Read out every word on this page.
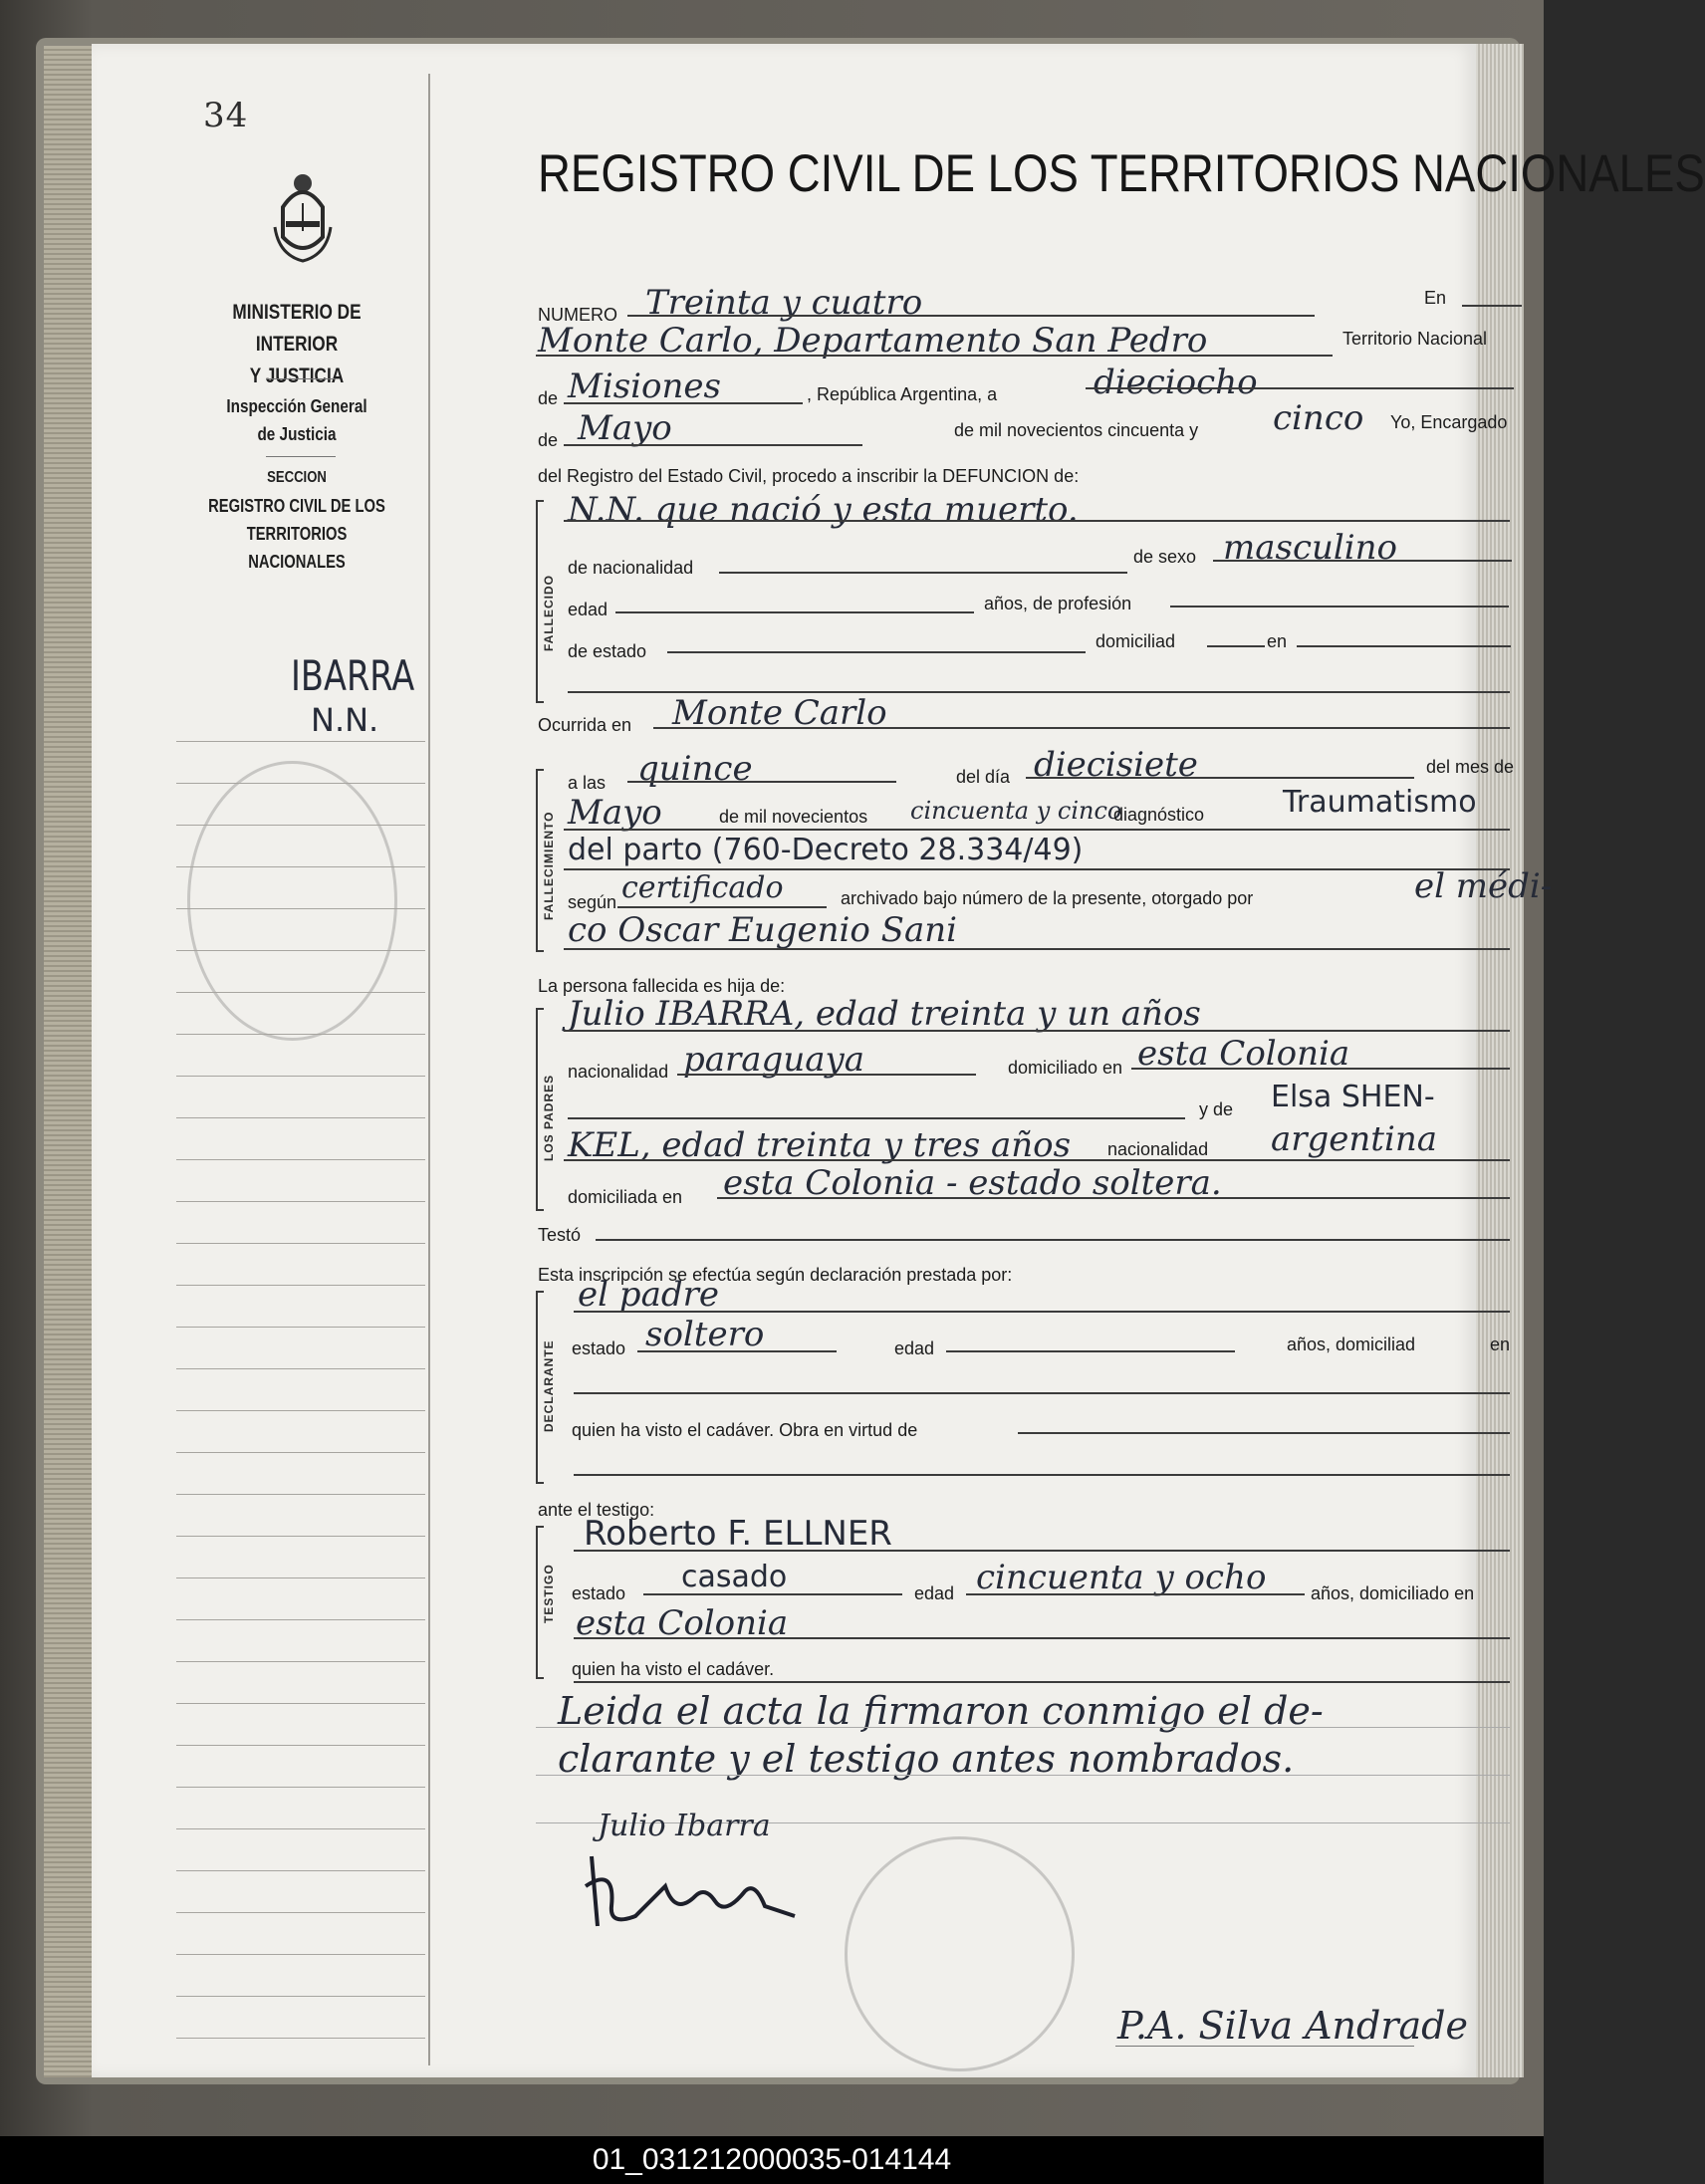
34
MINISTERIO DE INTERIOR
Y JUSTICIA
Inspección General
de Justicia
SECCION
REGISTRO CIVIL DE LOS
TERRITORIOS NACIONALES
IBARRA
N.N.
REGISTRO CIVIL DE LOS TERRITORIOS NACIONALES
NUMERO Treinta y cuatro	En
Monte Carlo, Departamento San Pedro	Territorio Nacional
de Misiones	, República Argentina, a	dieciocho
de Mayo	de mil novecientos cincuenta y cinco Yo, Encargado
del Registro del Estado Civil, procedo a inscribir la DEFUNCION de:
FALLECIDO
N.N. que nació y esta muerto.
de nacionalidad
de sexo masculino
edad	años, de profesión
de estado	domiciliad	en
Ocurrida en Monte Carlo
FALLECIMIENTO
a las quince	del día diecisiete	del mes de
Mayo	de mil novecientos cincuenta y cinco
diagnóstico	Traumatismo
del parto (760-Decreto 28.334/49)
según certificado	archivado bajo número de la presente, otorgado por	el médi-
co Oscar Eugenio Sani
La persona fallecida es hija de:
LOS PADRES
Julio IBARRA, edad treinta y un años
nacionalidad paraguaya	domiciliado en esta Colonia
y de Elsa SHEN-
KEL, edad treinta y tres años nacionalidad argentina
domiciliada en esta Colonia - estado soltera.
Testó
Esta inscripción se efectúa según declaración prestada por:
DECLARANTE
el padre
estado soltero	edad	años, domiciliad	en
quien ha visto el cadáver. Obra en virtud de
ante el testigo:
TESTIGO
Roberto F. ELLNER
estado casado	edad cincuenta y ocho años, domiciliado en
esta Colonia
quien ha visto el cadáver.
Leida el acta la firmaron conmigo el de-
clarante y el testigo antes nombrados.
Julio Ibarra
P.A. Silva Andrade
01_031212000035-014144
